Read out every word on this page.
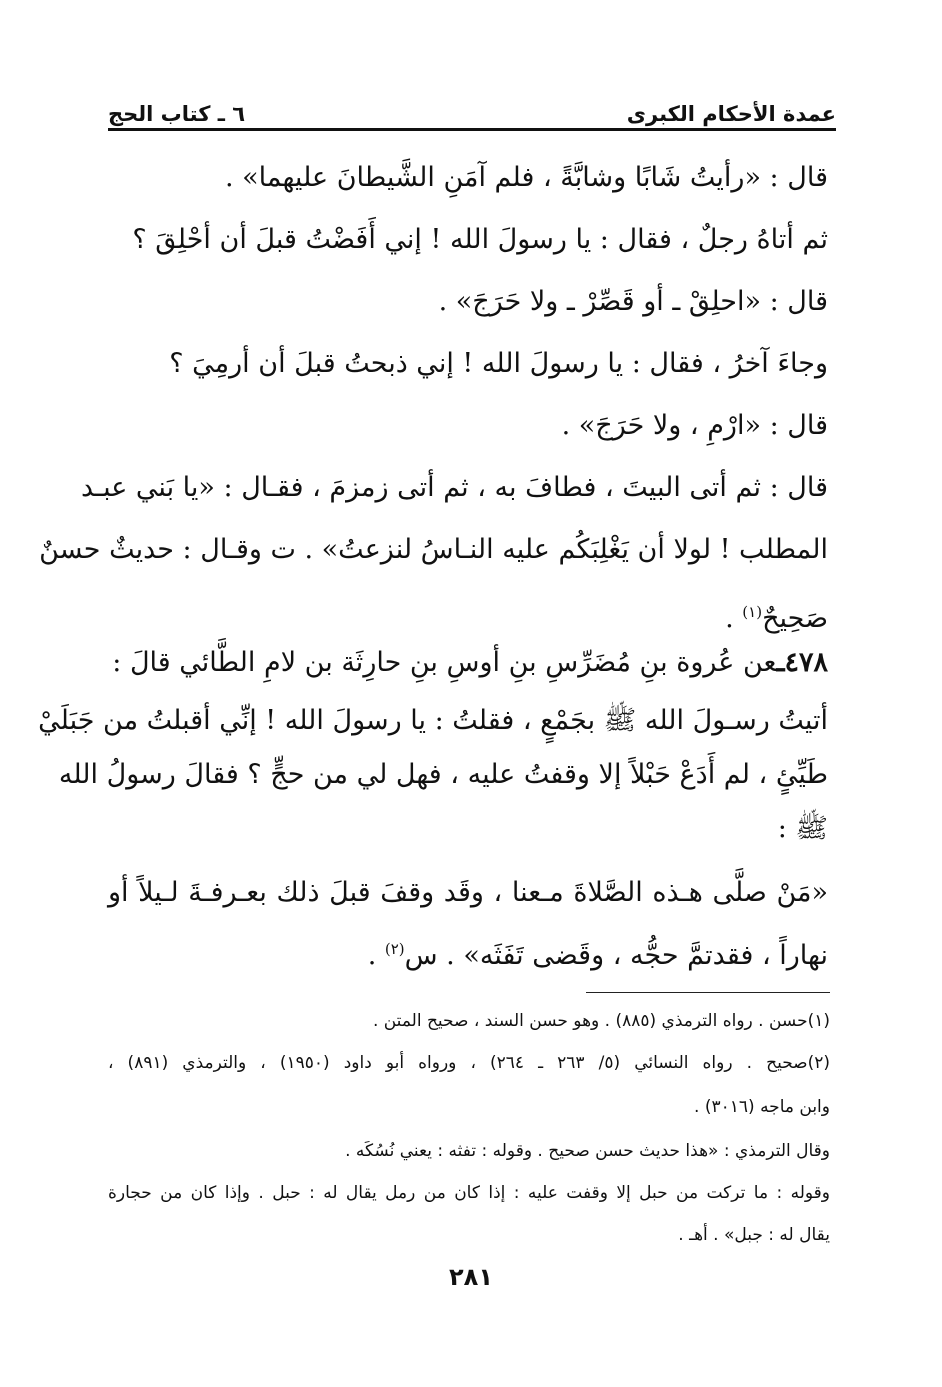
عمدة الأحكام الكبرى
٦ ـ كتاب الحج
قال : «رأيتُ شَابًا وشابَّةً ، فلم آمَنِ الشَّيطانَ عليهما» .
ثم أتاهُ رجلٌ ، فقال : يا رسولَ الله ! إني أَفَضْتُ قبلَ أن أحْلِقَ ؟
قال : «احلِقْ ـ أو قَصِّرْ ـ ولا حَرَجَ» .
وجاءَ آخرُ ، فقال : يا رسولَ الله ! إني ذبحتُ قبلَ أن أرمِيَ ؟
قال : «ارْمِ ، ولا حَرَجَ» .
قال : ثم أتى البيتَ ، فطافَ به ، ثم أتى زمزمَ ، فقـال : «يا بَني عبـد
المطلب ! لولا أن يَغْلِبَكُم عليه النـاسُ لنزعتُ» . ت وقـال : حديثٌ حسنٌ
صَحِيحٌ$^{(١)}$ .
٤٧٨ـعن عُروة بنِ مُضَرِّسِ بنِ أوسِ بنِ حارِثَة بن لامِ الطَّائي قالَ :
أتيتُ رسـولَ الله ﷺ بجَمْعٍ ، فقلتُ : يا رسولَ الله ! إنِّي أقبلتُ من جَبَلَيْ
طَيِّئٍ ، لم أَدَعْ حَبْلاً إلا وقفتُ عليه ، فهل لي من حجٍّ ؟ فقالَ رسولُ الله
ﷺ :
«مَنْ صلَّى هـذه الصَّلاةَ مـعنا ، وقَد وقفَ قبلَ ذلك بعـرفـةَ لـيلاً أو
نهاراً ، فقدتمَّ حجُّه ، وقَضى تَفَثَه» . س$^{(٢)}$ .
(١)حسن . رواه الترمذي (٨٨٥) . وهو حسن السند ، صحيح المتن .
(٢)صحيح . رواه النسائي (٥/ ٢٦٣ ـ ٢٦٤) ، ورواه أبو داود (١٩٥٠) ، والترمذي (٨٩١) ،
وابن ماجه (٣٠١٦) .
وقال الترمذي : «هذا حديث حسن صحيح . وقوله : تفثه : يعني نُسُكَه .
وقوله : ما تركت من حبل إلا وقفت عليه : إذا كان من رمل يقال له : حبل . وإذا كان من حجارة
يقال له : جبل» . أهـ .
٢٨١
